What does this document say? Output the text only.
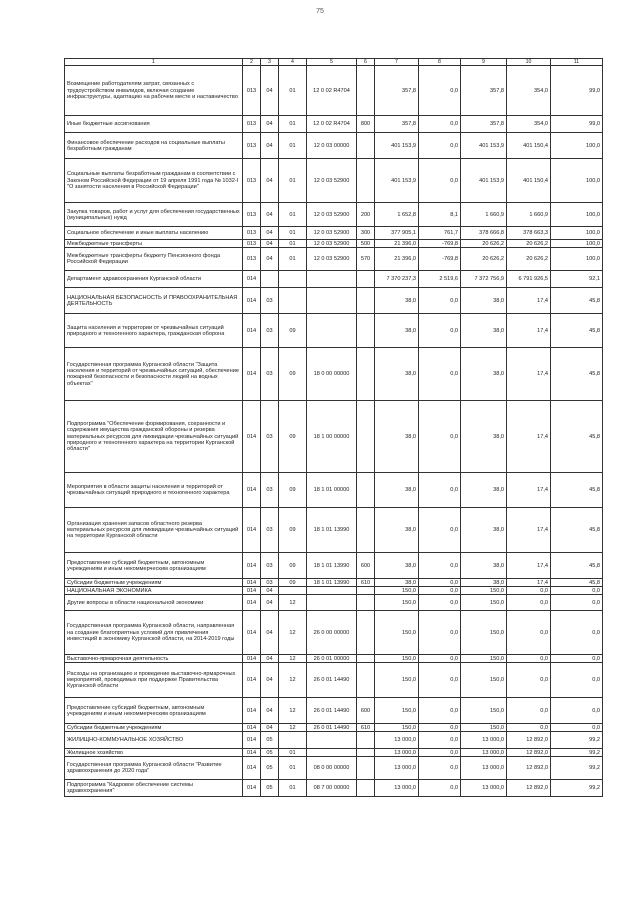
75
1	2	3	4	5	6	7	8	9	10	11
Возмещение работодателям затрат, связанных с трудоустройством инвалидов, включая создание инфраструктуры, адаптацию на рабочем месте и наставничество	013	04	01	12 0 02 R4704		357,8	0,0	357,8	354,0	99,0
Иные бюджетные ассигнования	013	04	01	12 0 02 R4704	800	357,8	0,0	357,8	354,0	99,0
Финансовое обеспечение расходов на социальные выплаты безработным гражданам	013	04	01	12 0 03 00000		401 153,9	0,0	401 153,9	401 150,4	100,0
Социальные выплаты безработным гражданам в соответствии с Законом Российской Федерации от 19 апреля 1991 года № 1032-I "О занятости населения в Российской Федерации"	013	04	01	12 0 03 52900		401 153,9	0,0	401 153,9	401 150,4	100,0
Закупка товаров, работ и услуг для обеспечения государственных (муниципальных) нужд	013	04	01	12 0 03 52900	200	1 652,8	8,1	1 660,9	1 660,9	100,0
Социальное обеспечение и иные выплаты населению	013	04	01	12 0 03 52900	300	377 905,1	761,7	378 666,8	378 663,3	100,0
Межбюджетные трансферты	013	04	01	12 0 03 52900	500	21 396,0	-769,8	20 626,2	20 626,2	100,0
Межбюджетные трансферты бюджету Пенсионного фонда Российской Федерации	013	04	01	12 0 03 52900	570	21 396,0	-769,8	20 626,2	20 626,2	100,0
Департамент здравоохранения Курганской области	014					7 370 237,3	2 519,6	7 372 756,9	6 791 926,5	92,1
НАЦИОНАЛЬНАЯ БЕЗОПАСНОСТЬ И ПРАВООХРАНИТЕЛЬНАЯ ДЕЯТЕЛЬНОСТЬ	014	03				38,0	0,0	38,0	17,4	45,8
Защита населения и территории от чрезвычайных ситуаций природного и техногенного характера, гражданская оборона	014	03	09			38,0	0,0	38,0	17,4	45,8
Государственная программа Курганской области "Защита населения и территорий от чрезвычайных ситуаций, обеспечение пожарной безопасности и безопасности людей на водных объектах"	014	03	09	18 0 00 00000		38,0	0,0	38,0	17,4	45,8
Подпрограмма "Обеспечение формирования, сохранности и содержания имущества гражданской обороны и резерва материальных ресурсов для ликвидации чрезвычайных ситуаций природного и техногенного характера на территории Курганской области"	014	03	09	18 1 00 00000		38,0	0,0	38,0	17,4	45,8
Мероприятия в области защиты населения и территорий от чрезвычайных ситуаций природного и техногенного характера	014	03	09	18 1 01 00000		38,0	0,0	38,0	17,4	45,8
Организация хранения запасов областного резерва материальных ресурсов для ликвидации чрезвычайных ситуаций на территории Курганской области	014	03	09	18 1 01 13990		38,0	0,0	38,0	17,4	45,8
Предоставление субсидий бюджетным, автономным учреждениям и иным некоммерческим организациям	014	03	09	18 1 01 13990	600	38,0	0,0	38,0	17,4	45,8
Субсидии бюджетным учреждениям	014	03	09	18 1 01 13990	610	38,0	0,0	38,0	17,4	45,8
НАЦИОНАЛЬНАЯ ЭКОНОМИКА	014	04				150,0	0,0	150,0	0,0	0,0
Другие вопросы в области национальной экономики	014	04	12			150,0	0,0	150,0	0,0	0,0
Государственная программа Курганской области, направленная на создание благоприятных условий для привлечения инвестиций в экономику Курганской области, на 2014-2019 годы	014	04	12	26 0 00 00000		150,0	0,0	150,0	0,0	0,0
Выставочно-ярмарочная деятельность	014	04	12	26 0 01 00000		150,0	0,0	150,0	0,0	0,0
Расходы на организацию и проведение выставочно-ярмарочных мероприятий, проводимых при поддержке Правительства Курганской области	014	04	12	26 0 01 14490		150,0	0,0	150,0	0,0	0,0
Предоставление субсидий бюджетным, автономным учреждениям и иным некоммерческим организациям	014	04	12	26 0 01 14490	600	150,0	0,0	150,0	0,0	0,0
Субсидии бюджетным учреждениям	014	04	12	26 0 01 14490	610	150,0	0,0	150,0	0,0	0,0
ЖИЛИЩНО-КОММУНАЛЬНОЕ ХОЗЯЙСТВО	014	05				13 000,0	0,0	13 000,0	12 892,0	99,2
Жилищное хозяйство	014	05	01			13 000,0	0,0	13 000,0	12 892,0	99,2
Государственная программа Курганской области "Развитие здравоохранения до 2020 года"	014	05	01	08 0 00 00000		13 000,0	0,0	13 000,0	12 892,0	99,2
Подпрограмма "Кадровое обеспечение системы здравоохранения"	014	05	01	08 7 00 00000		13 000,0	0,0	13 000,0	12 892,0	99,2
